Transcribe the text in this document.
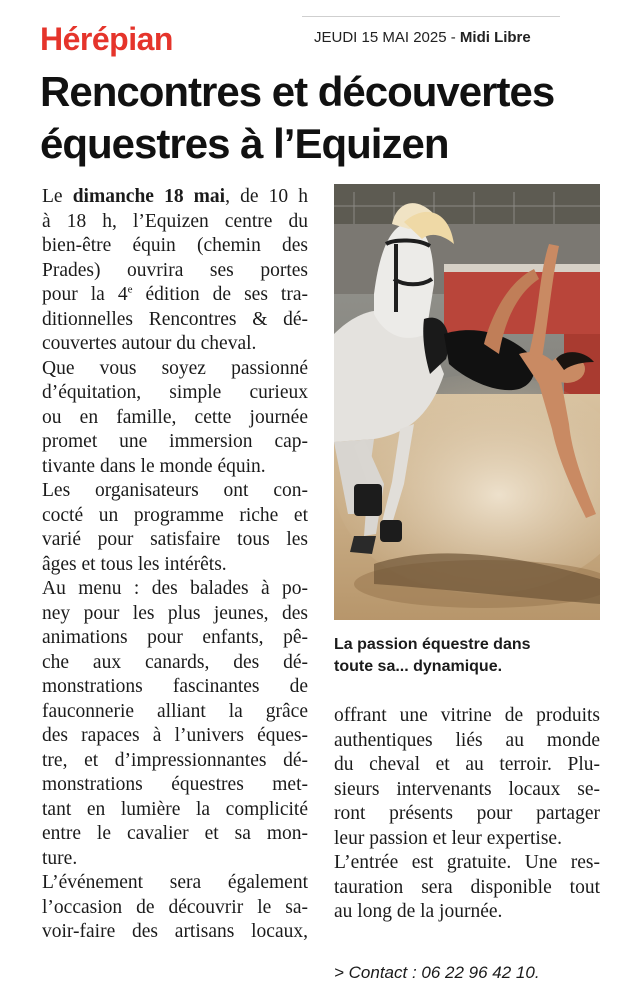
Hérépian	JEUDI 15 MAI 2025 - Midi Libre
Rencontres et découvertes
équestres à l’Equizen
Le dimanche 18 mai, de 10 h
à 18 h, l’Equizen centre du
bien-être équin (chemin des
Prades) ouvrira ses portes
pour la 4e édition de ses tra-
ditionnelles Rencontres & dé-
couvertes autour du cheval.
Que vous soyez passionné
d’équitation, simple curieux
ou en famille, cette journée
promet une immersion cap-
tivante dans le monde équin.
Les organisateurs ont con-
cocté un programme riche et
varié pour satisfaire tous les
âges et tous les intérêts.
Au menu : des balades à po-
ney pour les plus jeunes, des
animations pour enfants, pê-
che aux canards, des dé-
monstrations fascinantes de
fauconnerie alliant la grâce
des rapaces à l’univers éques-
tre, et d’impressionnantes dé-
monstrations équestres met-
tant en lumière la complicité
entre le cavalier et sa mon-
ture.
L’événement sera également
l’occasion de découvrir le sa-
voir-faire des artisans locaux,
La passion équestre dans
toute sa... dynamique.
offrant une vitrine de produits
authentiques liés au monde
du cheval et au terroir. Plu-
sieurs intervenants locaux se-
ront présents pour partager
leur passion et leur expertise.
L’entrée est gratuite. Une res-
tauration sera disponible tout
au long de la journée.
> Contact : 06 22 96 42 10.
